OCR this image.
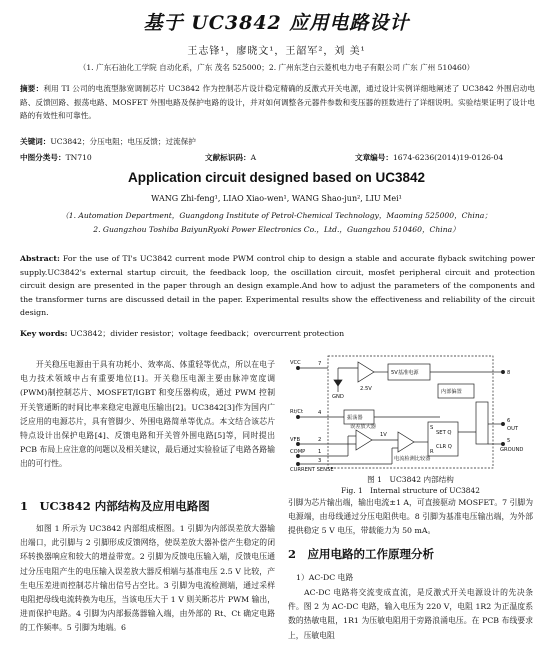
基于 UC3842 应用电路设计
王志锋¹，廖晓文¹，王韶军²，刘 美¹
（1. 广东石油化工学院 自动化系，广东 茂名 525000；2. 广州东芝白云菱机电力电子有限公司 广东 广州 510460）
摘要：利用 TI 公司的电流型脉宽调制芯片 UC3842 作为控制芯片设计稳定精确的反激式开关电源，通过设计实例详细地阐述了 UC3842 外围启动电路、反馈回路、振荡电路、MOSFET 外围电路及保护电路的设计，并对如何调整各元器件参数和变压器的匝数进行了详细说明。实验结果证明了设计电路的有效性和可靠性。
关键词：UC3842；分压电阻；电压反馈；过流保护
中图分类号：TN710	文献标识码：A	文章编号：1674-6236(2014)19-0126-04
Application circuit designed based on UC3842
WANG Zhi-feng¹, LIAO Xiao-wen¹, WANG Shao-jun², LIU Mei¹
（1. Automation Department，Guangdong Institute of Petrol-Chemical Technology，Maoming 525000，China；
2. Guangzhou Toshiba BaiyunRyoki Power Electronics Co.，Ltd.，Guangzhou 510460，China）
Abstract: For the use of TI's UC3842 current mode PWM control chip to design a stable and accurate flyback switching power supply.UC3842's external startup circuit, the feedback loop, the oscillation circuit, mosfet peripheral circuit and protection circuit design are presented in the paper through an design example.And how to adjust the parameters of the components and the transformer turns are discussed detail in the paper. Experimental results show the effectiveness and reliability of the circuit design.
Key words: UC3842；divider resistor；voltage feedback；overcurrent protection
开关稳压电源由于具有功耗小、效率高、体重轻等优点，所以在电子电力技术领域中占有重要地位[1]。开关稳压电源主要由脉冲宽度调(PWM)制控制芯片、MOSFET/IGBT 和变压器构成，通过 PWM 控制开关管通断的时间比率来稳定电源电压输出[2]。UC3842[3]作为国内广泛应用的电源芯片，具有管脚少、外围电路简单等优点。本文结合该芯片特点设计出保护电路[4]、反馈电路和开关管外围电路[5]等，同时提出 PCB 布局上应注意的问题以及相关建议，最后通过实验验证了电路各路输出的可行性。
1　UC3842 内部结构及应用电路图
如图 1 所示为 UC3842 内部组成框图。1 引脚为内部误差放大器输出端口，此引脚与 2 引脚形成反馈网络，使误差放大器补偿产生稳定的闭环转换器响应和较大的增益带宽。2 引脚为反馈电压输入端，反馈电压通过分压电阻产生的电压输入误差放大器反相端与基准电压 2.5 V 比较，产生电压差进而控制芯片输出信号占空比。3 引脚为电流检测端，通过采样电阻把母线电流转换为电压，当该电压大于 1 V 则关断芯片 PWM 输出，进而保护电路。4 引脚为内部振荡器输入端，由外部的 Rt、Ct 确定电路的工作频率。5 引脚为地端。6
VCC	7
GND
2.5V
5V基准电源	8
内部偏置
振荡器
Rt/Ct	4
误差放大器
VFB	2
COMP 1
CURRENT SENSE
3
1V
电流检测比较器
S
R
SET Q
CLR Q
6
OUT
5
GROUND
图 1　UC3842 内部结构
Fig. 1　Internal structure of UC3842
引脚为芯片输出端，输出电流±1 A，可直接驱动 MOSFET。7 引脚为电源端，由母线通过分压电阻供电。8 引脚为基准电压输出端，为外部提供稳定 5 V 电压，带载能力为 50 mA。
2　应用电路的工作原理分析
1）AC-DC 电路
AC-DC 电路将交流变成直流，是反激式开关电源设计的先决条件。图 2 为 AC-DC 电路，输入电压为 220 V，电阻 1R2 为正温度系数的热敏电阻，1R1 为压敏电阻用于旁路浪涌电压。在 PCB 布线要求上，压敏电阻
